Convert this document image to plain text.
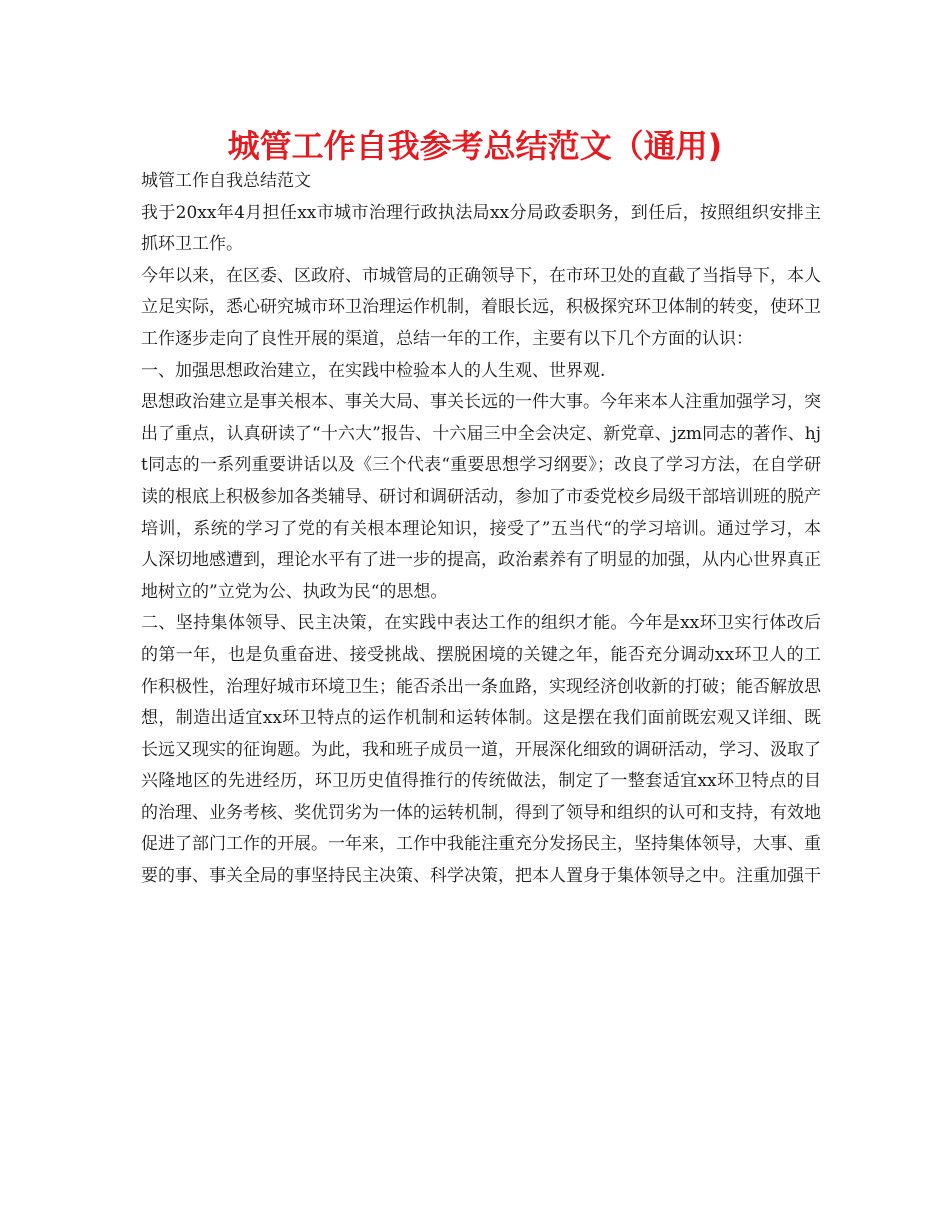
城管工作自我参考总结范文（通用)

城管工作自我总结范文

我于20xx年4月担任xx市城市治理行政执法局xx分局政委职务，到任后，按照组织安排主抓环卫工作。

今年以来，在区委、区政府、市城管局的正确领导下，在市环卫处的直截了当指导下，本人立足实际，悉心研究城市环卫治理运作机制，着眼长远，积极探究环卫体制的转变，使环卫工作逐步走向了良性开展的渠道，总结一年的工作，主要有以下几个方面的认识：

一、加强思想政治建立，在实践中检验本人的人生观、世界观.

思想政治建立是事关根本、事关大局、事关长远的一件大事。今年来本人注重加强学习，突出了重点，认真研读了“十六大”报告、十六届三中全会决定、新党章、jzm同志的著作、hjt同志的一系列重要讲话以及《三个代表“重要思想学习纲要》；改良了学习方法，在自学研读的根底上积极参加各类辅导、研讨和调研活动，参加了市委党校乡局级干部培训班的脱产培训，系统的学习了党的有关根本理论知识，接受了”五当代“的学习培训。通过学习，本人深切地感遭到，理论水平有了进一步的提高，政治素养有了明显的加强，从内心世界真正地树立的”立党为公、执政为民“的思想。

二、坚持集体领导、民主决策，在实践中表达工作的组织才能。今年是xx环卫实行体改后的第一年，也是负重奋进、接受挑战、摆脱困境的关键之年，能否充分调动xx环卫人的工作积极性，治理好城市环境卫生；能否杀出一条血路，实现经济创收新的打破；能否解放思想，制造出适宜xx环卫特点的运作机制和运转体制。这是摆在我们面前既宏观又详细、既长远又现实的征询题。为此，我和班子成员一道，开展深化细致的调研活动，学习、汲取了兴隆地区的先进经历，环卫历史值得推行的传统做法，制定了一整套适宜xx环卫特点的目的治理、业务考核、奖优罚劣为一体的运转机制，得到了领导和组织的认可和支持，有效地促进了部门工作的开展。一年来，工作中我能注重充分发扬民主，坚持集体领导，大事、重要的事、事关全局的事坚持民主决策、科学决策，把本人置身于集体领导之中。注重加强干
